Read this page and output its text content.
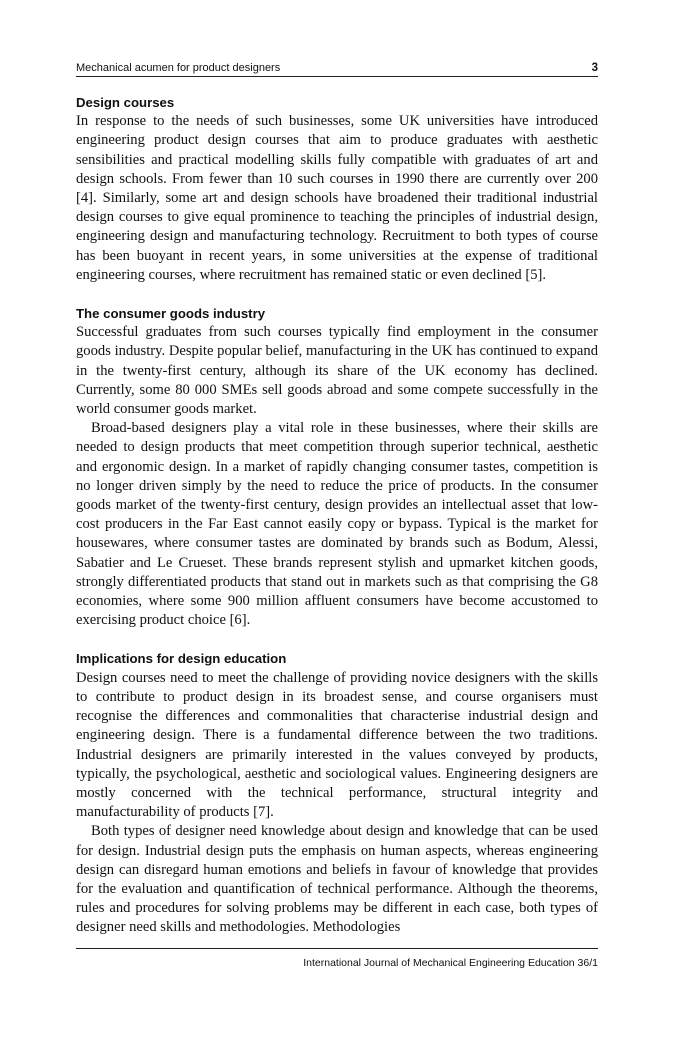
Mechanical acumen for product designers	3
Design courses

In response to the needs of such businesses, some UK universities have introduced engineering product design courses that aim to produce graduates with aesthetic sensibilities and practical modelling skills fully compatible with graduates of art and design schools. From fewer than 10 such courses in 1990 there are currently over 200 [4]. Similarly, some art and design schools have broadened their traditional industrial design courses to give equal prominence to teaching the principles of industrial design, engineering design and manufacturing technology. Recruitment to both types of course has been buoyant in recent years, in some universities at the expense of traditional engineering courses, where recruitment has remained static or even declined [5].

The consumer goods industry

Successful graduates from such courses typically find employment in the consumer goods industry. Despite popular belief, manufacturing in the UK has continued to expand in the twenty-first century, although its share of the UK economy has declined. Currently, some 80 000 SMEs sell goods abroad and some compete successfully in the world consumer goods market.

Broad-based designers play a vital role in these businesses, where their skills are needed to design products that meet competition through superior technical, aesthetic and ergonomic design. In a market of rapidly changing consumer tastes, competition is no longer driven simply by the need to reduce the price of products. In the consumer goods market of the twenty-first century, design provides an intellectual asset that low-cost producers in the Far East cannot easily copy or bypass. Typical is the market for housewares, where consumer tastes are dominated by brands such as Bodum, Alessi, Sabatier and Le Crueset. These brands represent stylish and upmarket kitchen goods, strongly differentiated products that stand out in markets such as that comprising the G8 economies, where some 900 million affluent consumers have become accustomed to exercising product choice [6].

Implications for design education

Design courses need to meet the challenge of providing novice designers with the skills to contribute to product design in its broadest sense, and course organisers must recognise the differences and commonalities that characterise industrial design and engineering design. There is a fundamental difference between the two traditions. Industrial designers are primarily interested in the values conveyed by products, typically, the psychological, aesthetic and sociological values. Engineering designers are mostly concerned with the technical performance, structural integrity and manufacturability of products [7].

Both types of designer need knowledge about design and knowledge that can be used for design. Industrial design puts the emphasis on human aspects, whereas engineering design can disregard human emotions and beliefs in favour of knowledge that provides for the evaluation and quantification of technical performance. Although the theorems, rules and procedures for solving problems may be different in each case, both types of designer need skills and methodologies. Methodologies

International Journal of Mechanical Engineering Education 36/1
